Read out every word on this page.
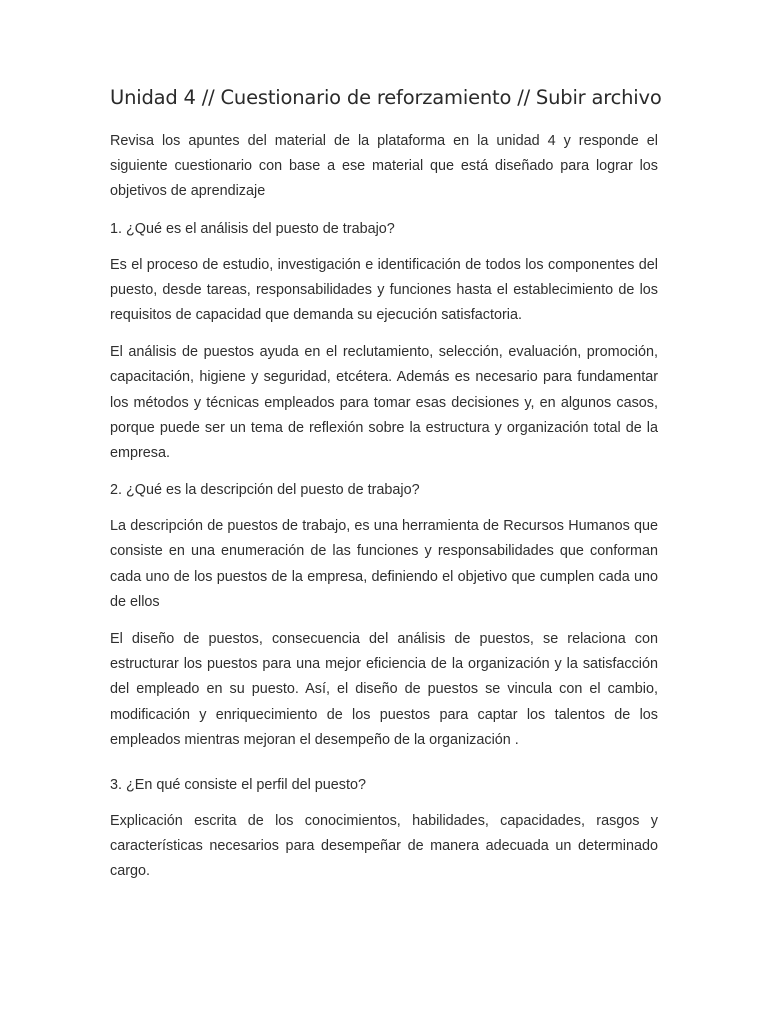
Unidad 4 // Cuestionario de reforzamiento // Subir archivo

Revisa los apuntes del material de la plataforma en la unidad 4 y responde el siguiente cuestionario con base a ese material que está diseñado para lograr los objetivos de aprendizaje

1. ¿Qué es el análisis del puesto de trabajo?

Es el proceso de estudio, investigación e identificación de todos los componentes del puesto, desde tareas, responsabilidades y funciones hasta el establecimiento de los requisitos de capacidad que demanda su ejecución satisfactoria.

El análisis de puestos ayuda en el reclutamiento, selección, evaluación, promoción, capacitación, higiene y seguridad, etcétera. Además es necesario para fundamentar los métodos y técnicas empleados para tomar esas decisiones y, en algunos casos, porque puede ser un tema de reflexión sobre la estructura y organización total de la empresa.

2. ¿Qué es la descripción del puesto de trabajo?

La descripción de puestos de trabajo, es una herramienta de Recursos Humanos que consiste en una enumeración de las funciones y responsabilidades que conforman cada uno de los puestos de la empresa, definiendo el objetivo que cumplen cada uno de ellos

El diseño de puestos, consecuencia del análisis de puestos, se relaciona con estructurar los puestos para una mejor eficiencia de la organización y la satisfacción del empleado en su puesto. Así, el diseño de puestos se vincula con el cambio, modificación y enriquecimiento de los puestos para captar los talentos de los empleados mientras mejoran el desempeño de la organización .

3. ¿En qué consiste el perfil del puesto?

Explicación escrita de los conocimientos, habilidades, capacidades, rasgos y características necesarios para desempeñar de manera adecuada un determinado cargo.
